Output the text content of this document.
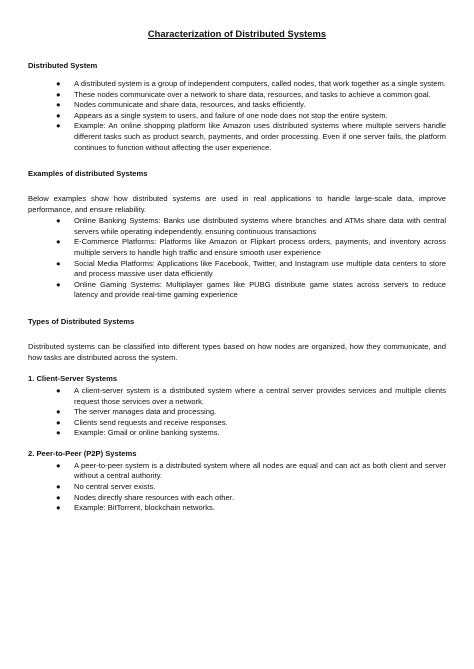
Characterization of Distributed Systems
Distributed System
● A distributed system is a group of independent computers, called nodes, that work together as a single system.
● These nodes communicate over a network to share data, resources, and tasks to achieve a common goal.
● Nodes communicate and share data, resources, and tasks efficiently.
● Appears as a single system to users, and failure of one node does not stop the entire system.
● Example: An online shopping platform like Amazon uses distributed systems where multiple servers handle different tasks such as product search, payments, and order processing. Even if one server fails, the platform continues to function without affecting the user experience.
Examples of distributed Systems

Below examples show how distributed systems are used in real applications to handle large-scale data, improve performance, and ensure reliability.

● Online Banking Systems: Banks use distributed systems where branches and ATMs share data with central servers while operating independently, ensuring continuous transactions
● E-Commerce Platforms: Platforms like Amazon or Flipkart process orders, payments, and inventory across multiple servers to handle high traffic and ensure smooth user experience
● Social Media Platforms: Applications like Facebook, Twitter, and Instagram use multiple data centers to store and process massive user data efficiently
● Online Gaming Systems: Multiplayer games like PUBG distribute game states across servers to reduce latency and provide real-time gaming experience
Types of Distributed Systems

Distributed systems can be classified into different types based on how nodes are organized, how they communicate, and how tasks are distributed across the system.

1. Client-Server Systems
● A client-server system is a distributed system where a central server provides services and multiple clients request those services over a network.
● The server manages data and processing.
● Clients send requests and receive responses.
● Example: Gmail or online banking systems.
2. Peer-to-Peer (P2P) Systems
● A peer-to-peer system is a distributed system where all nodes are equal and can act as both client and server without a central authority.
● No central server exists.
● Nodes directly share resources with each other.
● Example: BitTorrent, blockchain networks.
